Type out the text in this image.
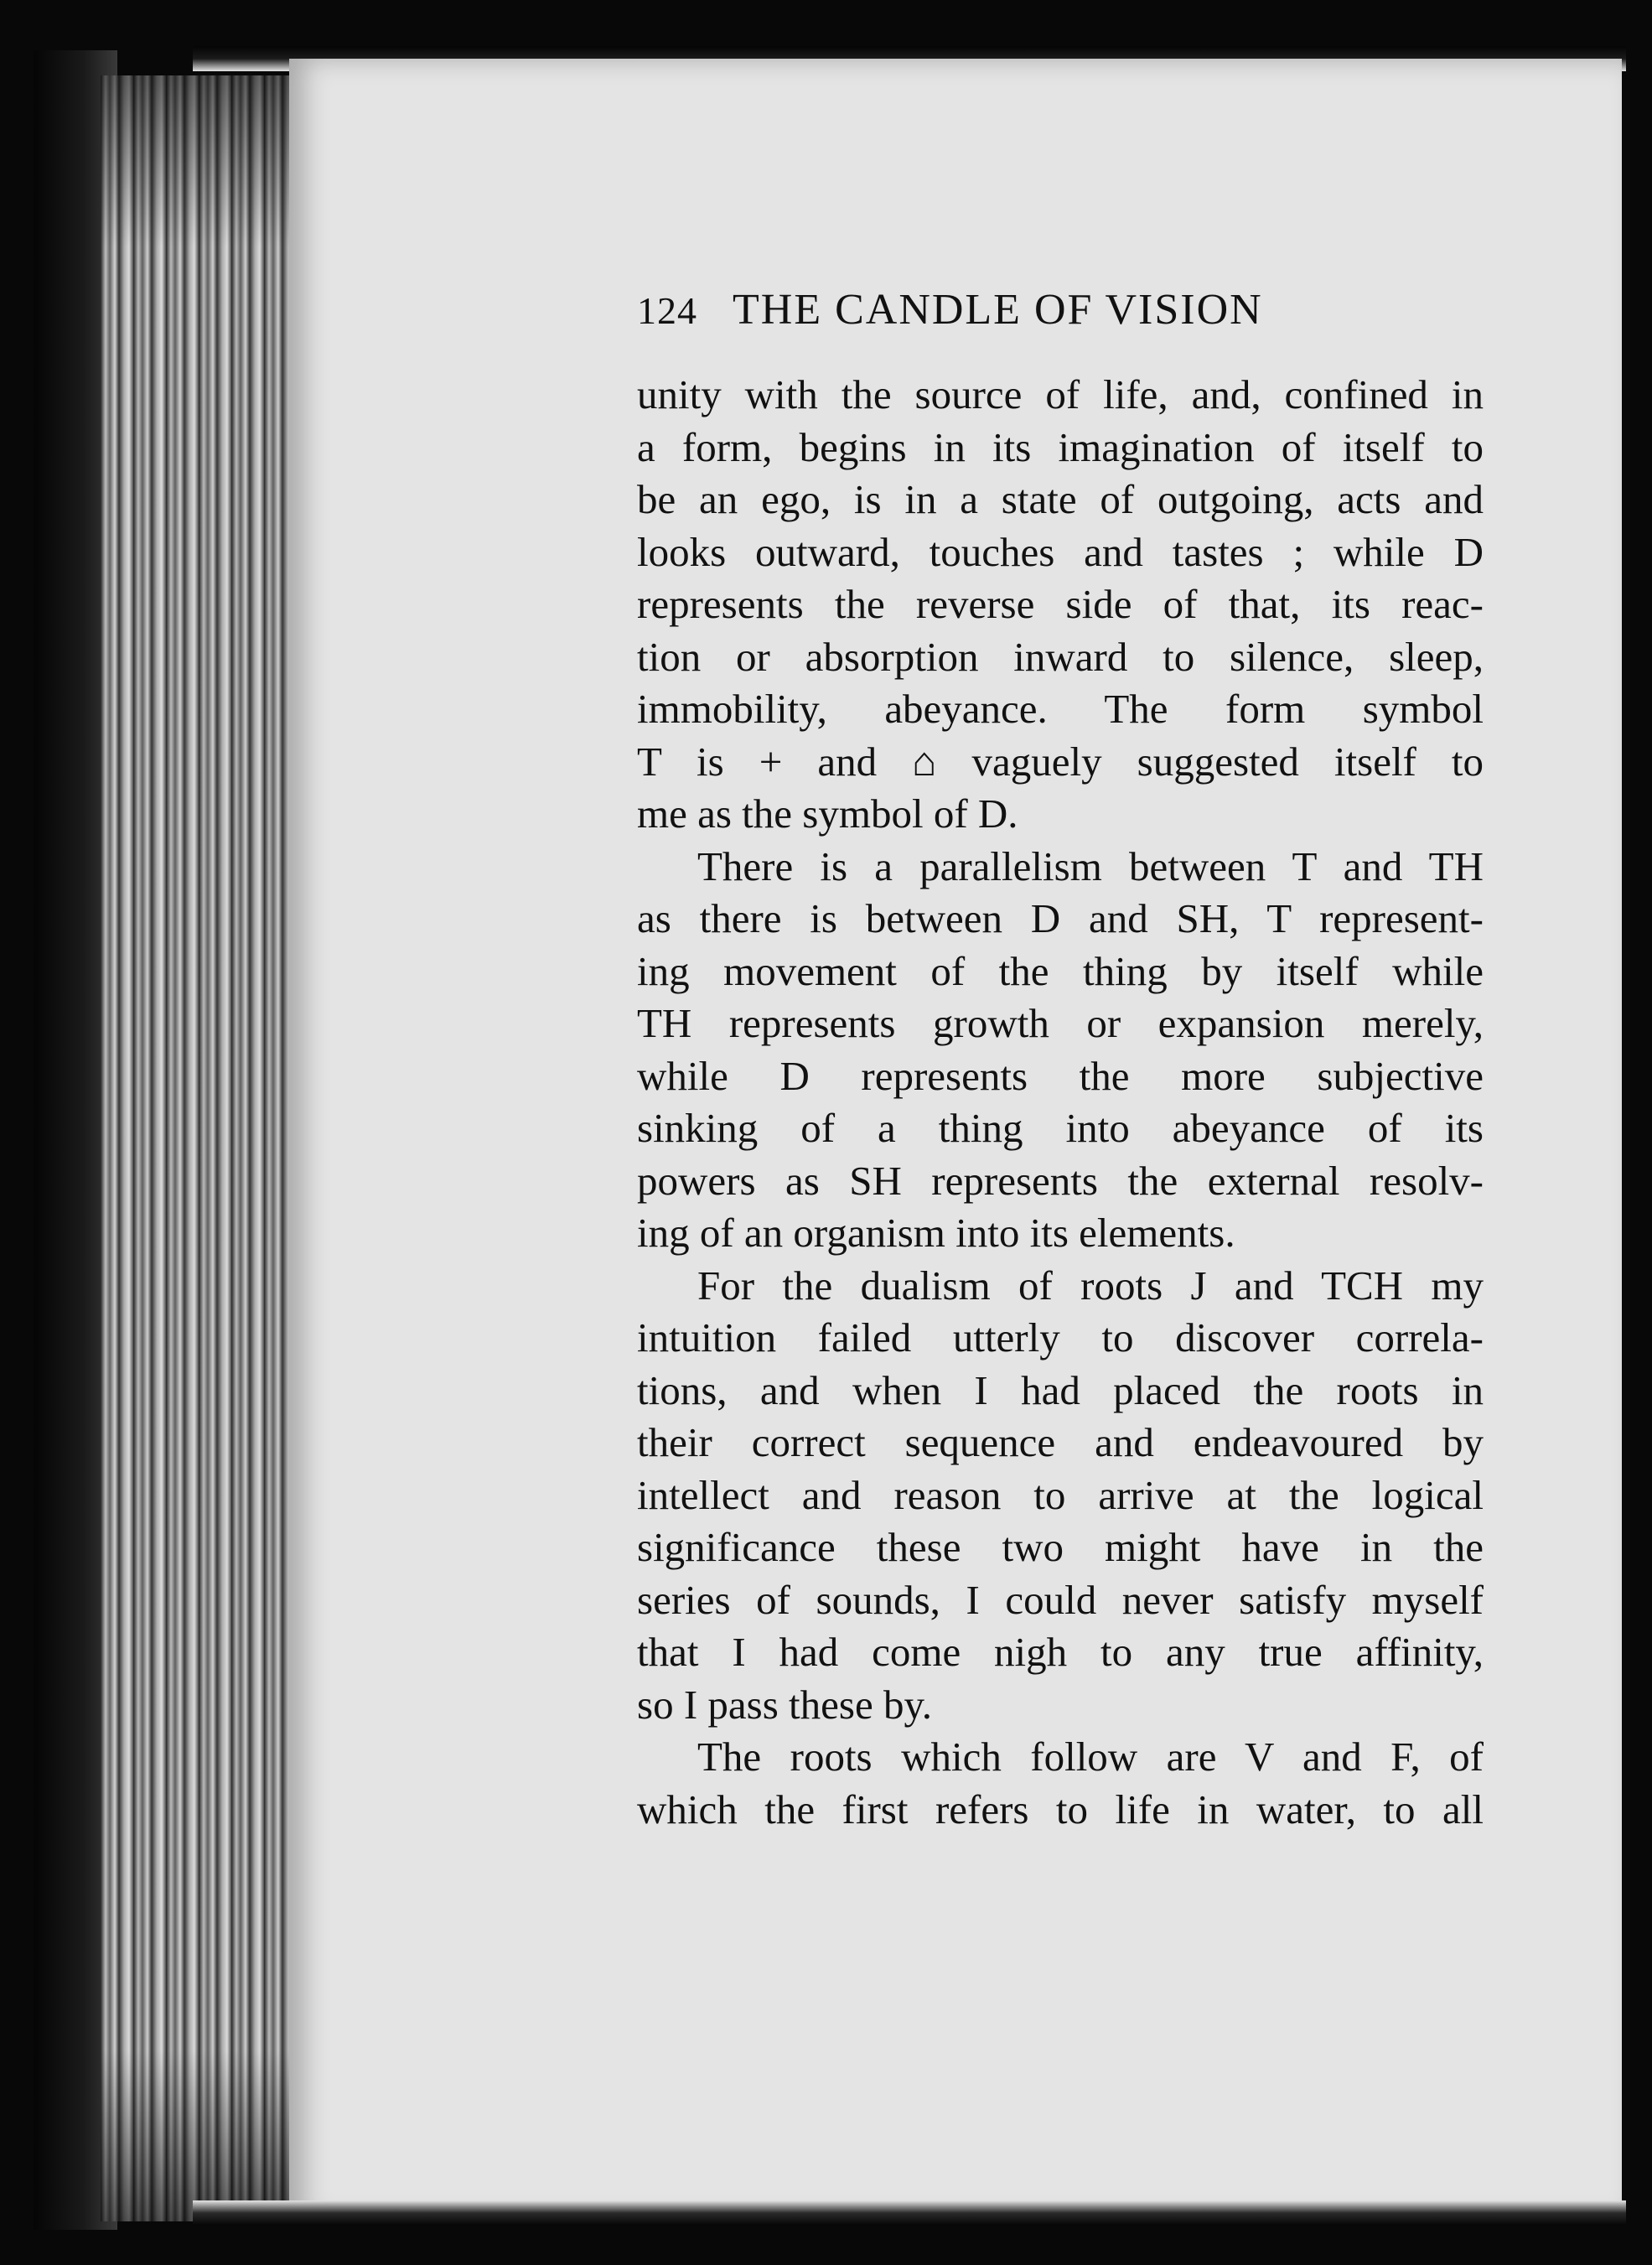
124 THE CANDLE OF VISION
unity with the source of life, and, confined in
a form, begins in its imagination of itself to
be an ego, is in a state of outgoing, acts and
looks outward, touches and tastes ; while D
represents the reverse side of that, its reac-
tion or absorption inward to silence, sleep,
immobility, abeyance. The form symbol
T is + and ⌂ vaguely suggested itself to
me as the symbol of D.
There is a parallelism between T and TH
as there is between D and SH, T represent-
ing movement of the thing by itself while
TH represents growth or expansion merely,
while D represents the more subjective
sinking of a thing into abeyance of its
powers as SH represents the external resolv-
ing of an organism into its elements.
For the dualism of roots J and TCH my
intuition failed utterly to discover correla-
tions, and when I had placed the roots in
their correct sequence and endeavoured by
intellect and reason to arrive at the logical
significance these two might have in the
series of sounds, I could never satisfy myself
that I had come nigh to any true affinity,
so I pass these by.
The roots which follow are V and F, of
which the first refers to life in water, to all
